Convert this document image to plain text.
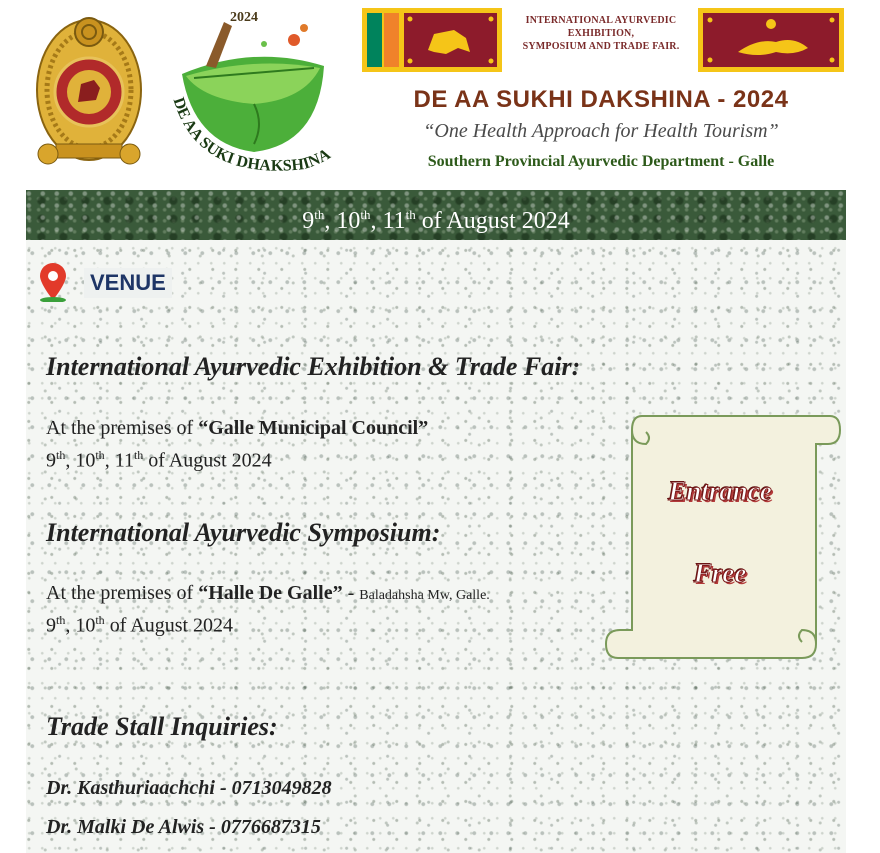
2024
DE AA SUKI DHAKSHINA
INTERNATIONAL AYURVEDIC
EXHIBITION,
SYMPOSIUM AND TRADE FAIR.
DE AA SUKHI DAKSHINA - 2024
“One Health Approach for Health Tourism”
Southern Provincial Ayurvedic Department - Galle
9th, 10th, 11th of August 2024
VENUE
International Ayurvedic Exhibition & Trade Fair:
At the premises of “Galle Municipal Council”
9th, 10th, 11th of August 2024
International Ayurvedic Symposium:
At the premises of “Halle De Galle” - Baladahsha Mw, Galle.
9th, 10th of August 2024
Trade Stall Inquiries:
Dr. Kasthuriaachchi - 0713049828
Dr. Malki De Alwis - 0776687315
Entrance
Free
